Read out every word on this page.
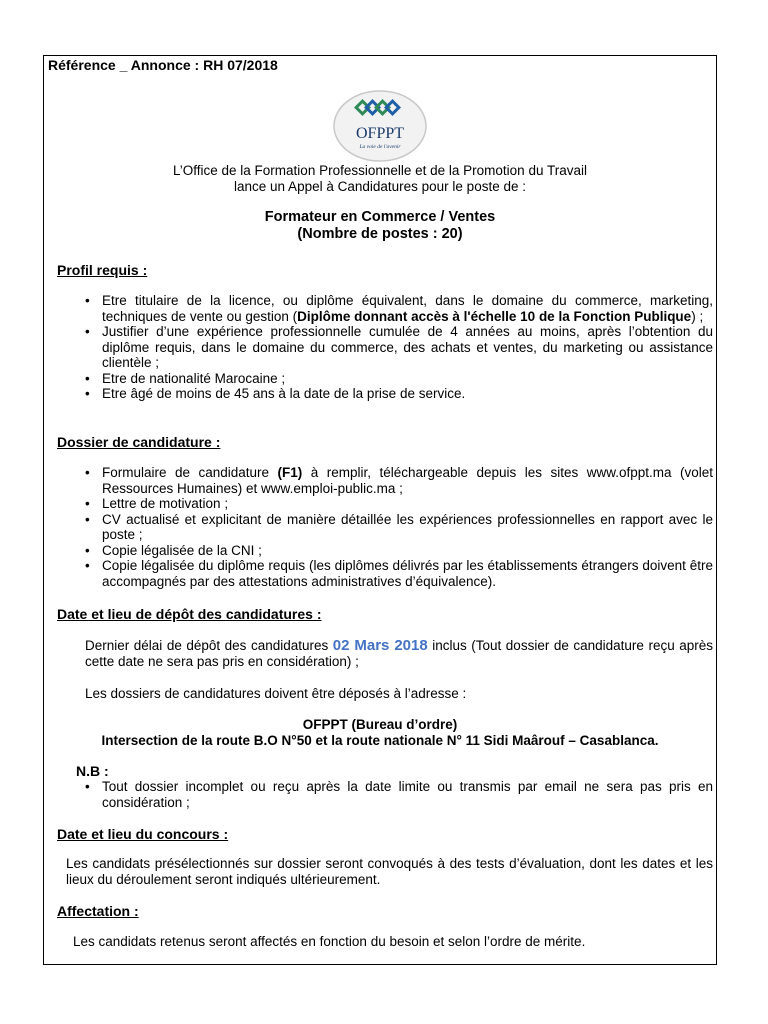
Référence _ Annonce : RH 07/2018
OFPPT
La voie de l'avenir
L’Office de la Formation Professionnelle et de la Promotion du Travail
lance un Appel à Candidatures pour le poste de :
Formateur en Commerce / Ventes
(Nombre de postes : 20)
Profil requis :
• Etre titulaire de la licence, ou diplôme équivalent, dans le domaine du commerce, marketing, techniques de vente ou gestion (Diplôme donnant accès à l'échelle 10 de la Fonction Publique) ;
• Justifier d’une expérience professionnelle cumulée de 4 années au moins, après l’obtention du diplôme requis, dans le domaine du commerce, des achats et ventes, du marketing ou assistance clientèle ;
• Etre de nationalité Marocaine ;
• Etre âgé de moins de 45 ans à la date de la prise de service.
Dossier de candidature :
• Formulaire de candidature (F1) à remplir, téléchargeable depuis les sites www.ofppt.ma (volet Ressources Humaines) et www.emploi-public.ma ;
• Lettre de motivation ;
• CV actualisé et explicitant de manière détaillée les expériences professionnelles en rapport avec le poste ;
• Copie légalisée de la CNI ;
• Copie légalisée du diplôme requis (les diplômes délivrés par les établissements étrangers doivent être accompagnés par des attestations administratives d’équivalence).
Date et lieu de dépôt des candidatures :
Dernier délai de dépôt des candidatures 02 Mars 2018 inclus (Tout dossier de candidature reçu après cette date ne sera pas pris en considération) ;
Les dossiers de candidatures doivent être déposés à l’adresse :
OFPPT (Bureau d’ordre)
Intersection de la route B.O N°50 et la route nationale N° 11 Sidi Maârouf – Casablanca.
N.B :
• Tout dossier incomplet ou reçu après la date limite ou transmis par email ne sera pas pris en considération ;
Date et lieu du concours :
Les candidats présélectionnés sur dossier seront convoqués à des tests d’évaluation, dont les dates et les lieux du déroulement seront indiqués ultérieurement.
Affectation :
Les candidats retenus seront affectés en fonction du besoin et selon l’ordre de mérite.
